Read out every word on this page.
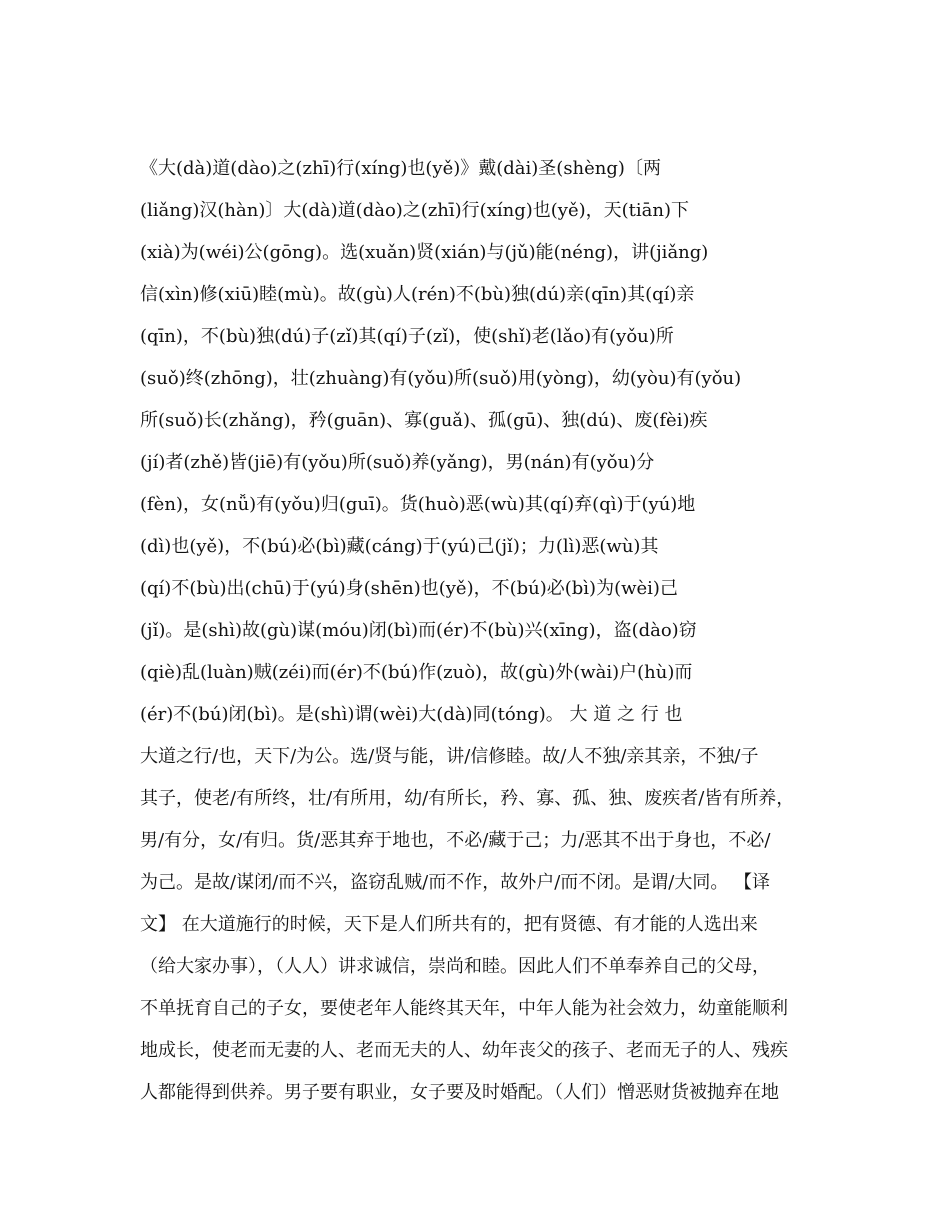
《大(dà)道(dào)之(zhī)行(xíng)也(yě)》戴(dài)圣(shèng)〔两
(liǎng)汉(hàn)〕大(dà)道(dào)之(zhī)行(xíng)也(yě)，天(tiān)下
(xià)为(wéi)公(gōng)。选(xuǎn)贤(xián)与(jǔ)能(néng)，讲(jiǎng)
信(xìn)修(xiū)睦(mù)。故(gù)人(rén)不(bù)独(dú)亲(qīn)其(qí)亲
(qīn)，不(bù)独(dú)子(zǐ)其(qí)子(zǐ)，使(shǐ)老(lǎo)有(yǒu)所
(suǒ)终(zhōng)，壮(zhuàng)有(yǒu)所(suǒ)用(yòng)，幼(yòu)有(yǒu)
所(suǒ)长(zhǎng)，矜(guān)、寡(guǎ)、孤(gū)、独(dú)、废(fèi)疾
(jí)者(zhě)皆(jiē)有(yǒu)所(suǒ)养(yǎng)，男(nán)有(yǒu)分
(fèn)，女(nǚ)有(yǒu)归(guī)。货(huò)恶(wù)其(qí)弃(qì)于(yú)地
(dì)也(yě)，不(bú)必(bì)藏(cáng)于(yú)己(jǐ)；力(lì)恶(wù)其
(qí)不(bù)出(chū)于(yú)身(shēn)也(yě)，不(bú)必(bì)为(wèi)己
(jǐ)。是(shì)故(gù)谋(móu)闭(bì)而(ér)不(bù)兴(xīng)，盗(dào)窃
(qiè)乱(luàn)贼(zéi)而(ér)不(bú)作(zuò)，故(gù)外(wài)户(hù)而
(ér)不(bú)闭(bì)。是(shì)谓(wèi)大(dà)同(tóng)。 大 道 之 行 也
大道之行/也，天下/为公。选/贤与能，讲/信修睦。故/人不独/亲其亲，不独/子
其子，使老/有所终，壮/有所用，幼/有所长，矜、寡、孤、独、废疾者/皆有所养，
男/有分，女/有归。货/恶其弃于地也，不必/藏于己；力/恶其不出于身也，不必/
为己。是故/谋闭/而不兴，盗窃乱贼/而不作，故外户/而不闭。是谓/大同。 【译
文】 在大道施行的时候，天下是人们所共有的，把有贤德、有才能的人选出来
（给大家办事），（人人）讲求诚信，崇尚和睦。因此人们不单奉养自己的父母，
不单抚育自己的子女，要使老年人能终其天年，中年人能为社会效力，幼童能顺利
地成长，使老而无妻的人、老而无夫的人、幼年丧父的孩子、老而无子的人、残疾
人都能得到供养。男子要有职业，女子要及时婚配。（人们）憎恶财货被抛弃在地
